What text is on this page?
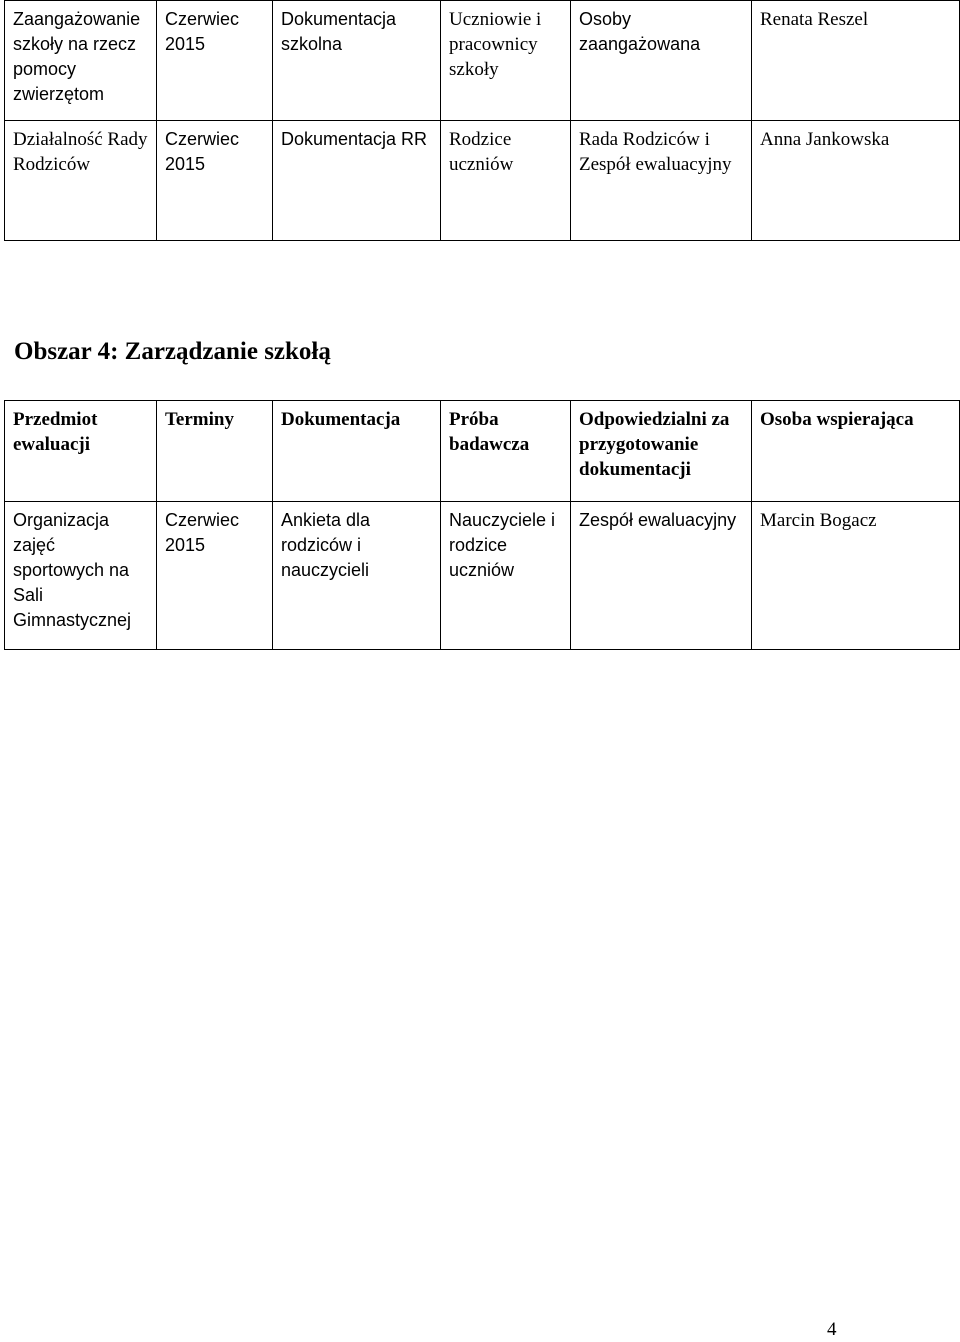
Zaangażowanie szkoły na rzecz pomocy zwierzętom	Czerwiec 2015	Dokumentacja szkolna	Uczniowie i pracownicy szkoły	Osoby zaangażowana	Renata Reszel

Działalność Rady Rodziców	Czerwiec 2015	Dokumentacja RR	Rodzice uczniów	Rada Rodziców i Zespół ewaluacyjny	Anna Jankowska
Obszar 4: Zarządzanie szkołą
Przedmiot ewaluacji	Terminy	Dokumentacja	Próba badawcza	Odpowiedzialni za przygotowanie dokumentacji	Osoba wspierająca

Organizacja zajęć sportowych na Sali Gimnastycznej	Czerwiec 2015	Ankieta dla rodziców i nauczycieli	Nauczyciele i rodzice uczniów	Zespół ewaluacyjny	Marcin Bogacz

4
